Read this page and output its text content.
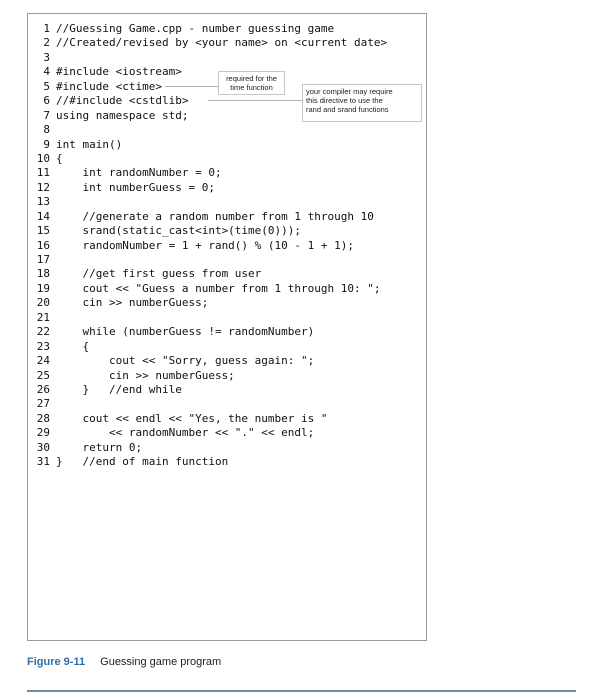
1 //Guessing Game.cpp - number guessing game
2 //Created/revised by <your name> on <current date>
3
4 #include <iostream>
5 #include <ctime>
6 //#include <cstdlib>
7 using namespace std;
8
9 int main()
10 {
11    int randomNumber = 0;
12    int numberGuess = 0;
13
14    //generate a random number from 1 through 10
15    srand(static_cast<int>(time(0)));
16    randomNumber = 1 + rand() % (10 - 1 + 1);
17
18    //get first guess from user
19    cout << "Guess a number from 1 through 10: ";
20    cin >> numberGuess;
21
22    while (numberGuess != randomNumber)
23    {
24        cout << "Sorry, guess again: ";
25        cin >> numberGuess;
26    }   //end while
27
28    cout << endl << "Yes, the number is "
29        << randomNumber << "." << endl;
30    return 0;
31 }   //end of main function
required for the
time function	your compiler may require
this directive to use the
rand and srand functions
Figure 9-11 Guessing game program
